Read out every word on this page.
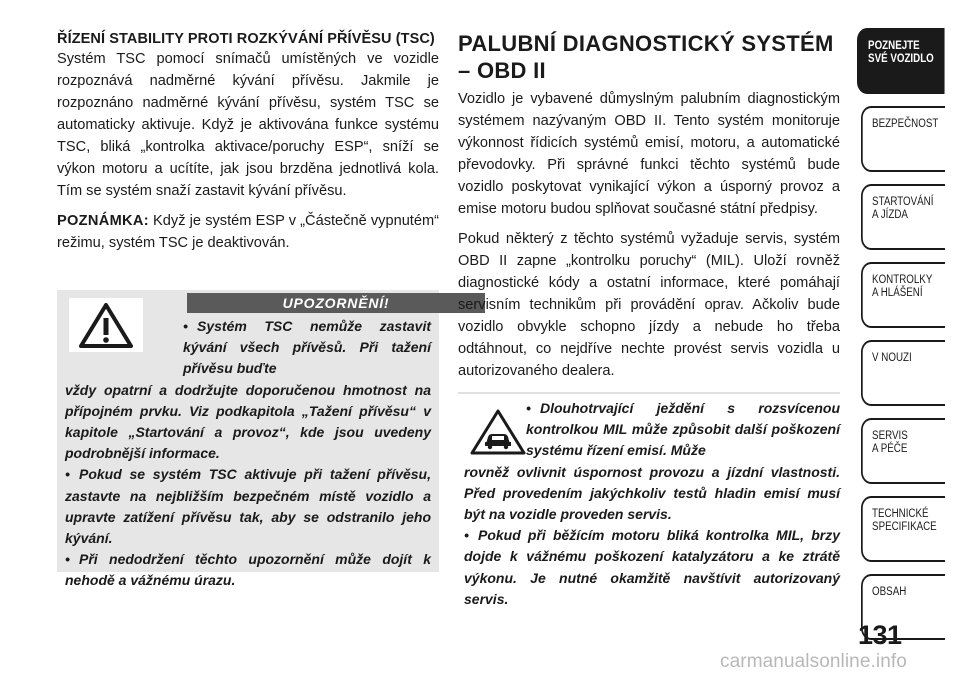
ŘÍZENÍ STABILITY PROTI ROZKÝVÁNÍ PŘÍVĚSU (TSC)

Systém TSC pomocí snímačů umístěných ve vozidle rozpoznává nadměrné kývání přívěsu. Jakmile je rozpoznáno nadměrné kývání přívěsu, systém TSC se automaticky aktivuje. Když je aktivována funkce systému TSC, bliká „kontrolka aktivace/poruchy ESP“, sníží se výkon motoru a ucítíte, jak jsou brzděna jednotlivá kola. Tím se systém snaží zastavit kývání přívěsu.

POZNÁMKA: Když je systém ESP v „Částečně vypnutém“ režimu, systém TSC je deaktivován.

UPOZORNĚNÍ!
• Systém TSC nemůže zastavit kývání všech přívěsů. Při tažení přívěsu buďte
vždy opatrní a dodržujte doporučenou hmotnost na přípojném prvku. Viz podkapitola „Tažení přívěsu“ v kapitole „Startování a provoz“, kde jsou uvedeny podrobnější informace.
• Pokud se systém TSC aktivuje při tažení přívěsu, zastavte na nejbližším bezpečném místě vozidlo a upravte zatížení přívěsu tak, aby se odstranilo jeho kývání.
• Při nedodržení těchto upozornění může dojít k nehodě a vážnému úrazu.
PALUBNÍ DIAGNOSTICKÝ SYSTÉM – OBD II

Vozidlo je vybavené důmyslným palubním diagnostickým systémem nazývaným OBD II. Tento systém monitoruje výkonnost řídicích systémů emisí, motoru, a automatické převodovky. Při správné funkci těchto systémů bude vozidlo poskytovat vynikající výkon a úsporný provoz a emise motoru budou splňovat současné státní předpisy.

Pokud některý z těchto systémů vyžaduje servis, systém OBD II zapne „kontrolku poruchy“ (MIL). Uloží rovněž diagnostické kódy a ostatní informace, které pomáhají servisním technikům při provádění oprav. Ačkoliv bude vozidlo obvykle schopno jízdy a nebude ho třeba odtáhnout, co nejdříve nechte provést servis vozidla u autorizovaného dealera.

• Dlouhotrvající ježdění s rozsvícenou kontrolkou MIL může způsobit další poškození systému řízení emisí. Může
rovněž ovlivnit úspornost provozu a jízdní vlastnosti. Před provedením jakýchkoliv testů hladin emisí musí být na vozidle proveden servis.
• Pokud při běžícím motoru bliká kontrolka MIL, brzy dojde k vážnému poškození katalyzátoru a ke ztrátě výkonu. Je nutné okamžitě navštívit autorizovaný servis.
POZNEJTE
SVÉ VOZIDLO
BEZPEČNOST
STARTOVÁNÍ
A JÍZDA
KONTROLKY
A HLÁŠENÍ
V NOUZI
SERVIS
A PÉČE
TECHNICKÉ
SPECIFIKACE
OBSAH
131
carmanualsonline.info
